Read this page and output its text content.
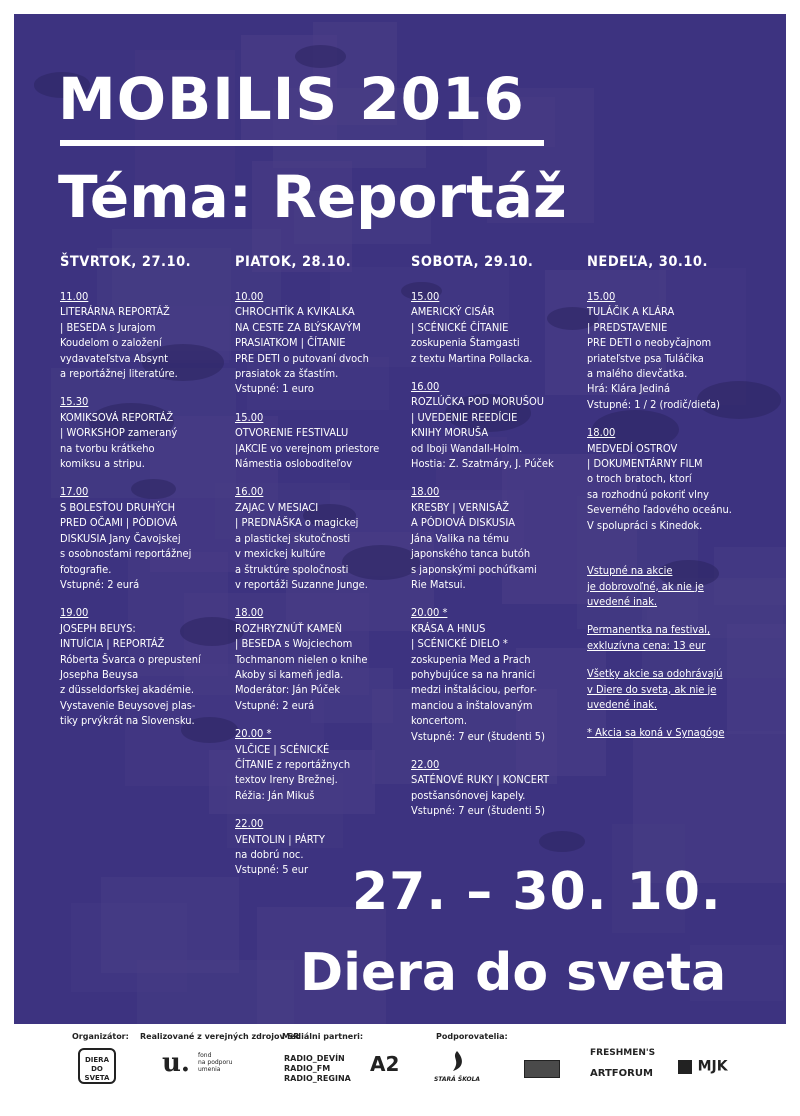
MOBILIS 2016
Téma: Reportáž
ŠTVRTOK, 27.10.
11.00
LITERÁRNA REPORTÁŽ
| BESEDA s Jurajom
Koudelom o založení
vydavateľstva Absynt
a reportážnej literatúre.
15.30
KOMIKSOVÁ REPORTÁŽ
| WORKSHOP zameraný
na tvorbu krátkeho
komiksu a stripu.
17.00
S BOLESŤOU DRUHÝCH
PRED OČAMI | PÓDIOVÁ
DISKUSIA Jany Čavojskej
s osobnosťami reportážnej
fotografie.
Vstupné: 2 eurá
19.00
JOSEPH BEUYS:
INTUÍCIA | REPORTÁŽ
Róberta Švarca o prepustení
Josepha Beuysa
z düsseldorfskej akadémie.
Vystavenie Beuysovej plas-
tiky prvýkrát na Slovensku.
PIATOK, 28.10.
10.00
CHROCHTÍK A KVIKALKA
NA CESTE ZA BLÝSKAVÝM
PRASIATKOM | ČÍTANIE
PRE DETI o putovaní dvoch
prasiatok za šťastím.
Vstupné: 1 euro
15.00
OTVORENIE FESTIVALU
|AKCIE vo verejnom priestore
Námestia osloboditeľov
16.00
ZAJAC V MESIACI
| PREDNÁŠKA o magickej
a plastickej skutočnosti
v mexickej kultúre
a štruktúre spoločnosti
v reportáži Suzanne Junge.
18.00
ROZHRYZNÚŤ KAMEŇ
| BESEDA s Wojciechom
Tochmanom nielen o knihe
Akoby si kameň jedla.
Moderátor: Ján Púček
Vstupné: 2 eurá
20.00 *
VLČICE | SCÉNICKÉ
ČÍTANIE z reportážnych
textov Ireny Brežnej.
Réžia: Ján Mikuš
22.00
VENTOLIN | PÁRTY
na dobrú noc.
Vstupné: 5 eur
SOBOTA, 29.10.
15.00
AMERICKÝ CISÁR
| SCÉNICKÉ ČÍTANIE
zoskupenia Štamgasti
z textu Martina Pollacka.
16.00
ROZLÚČKA POD MORUŠOU
| UVEDENIE REEDÍCIE
KNIHY MORUŠA
od Iboji Wandall-Holm.
Hostia: Z. Szatmáry, J. Púček
18.00
KRESBY | VERNISÁŽ
A PÓDIOVÁ DISKUSIA
Jána Valika na tému
japonského tanca butóh
s japonskými pochúťkami
Rie Matsui.
20.00 *
KRÁSA A HNUS
| SCÉNICKÉ DIELO *
zoskupenia Med a Prach
pohybujúce sa na hranici
medzi inštaláciou, perfor-
manciou a inštalovaným
koncertom.
Vstupné: 7 eur (študenti 5)
22.00
SATÉNOVÉ RUKY | KONCERT
postšansónovej kapely.
Vstupné: 7 eur (študenti 5)
NEDEĽA, 30.10.
15.00
TULÁČIK A KLÁRA
| PREDSTAVENIE
PRE DETI o neobyčajnom
priateľstve psa Tuláčika
a malého dievčatka.
Hrá: Klára Jediná
Vstupné: 1 / 2 (rodič/dieťa)
18.00
MEDVEDÍ OSTROV
| DOKUMENTÁRNY FILM
o troch bratoch, ktorí
sa rozhodnú pokoriť vlny
Severného ľadového oceánu.
V spolupráci s Kinedok.
Vstupné na akcie
je dobrovoľné, ak nie je
uvedené inak.
Permanentka na festival,
exkluzívna cena: 13 eur
Všetky akcie sa odohrávajú
v Diere do sveta, ak nie je
uvedené inak.
* Akcia sa koná v Synagóge
27. – 30. 10.
Diera do sveta
Organizátor: Realizované z verejných zdrojov SR
Mediálni partneri:	Podporovatelia:
DIERA DO SVETA u. fond
na podporu
umenia
RADIO_DEVÍN
RADIO_FM
RADIO_REGINA
A2
STARÁ ŠKOLA
FRESHMEN'S
ARTFORUM	MJK
